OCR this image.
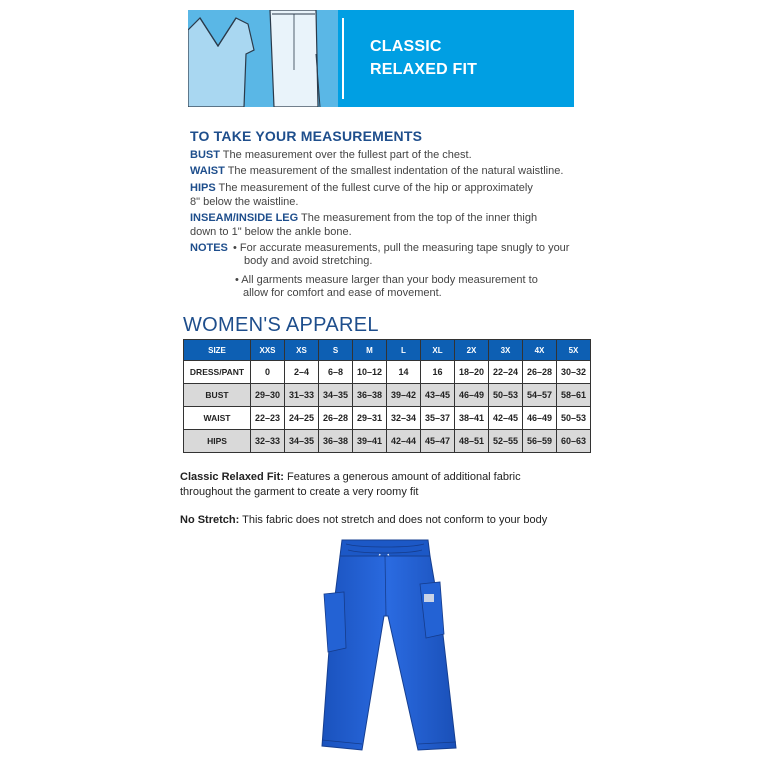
CLASSIC
RELAXED FIT
TO TAKE YOUR MEASUREMENTS
BUST The measurement over the fullest part of the chest.
WAIST The measurement of the smallest indentation of the natural waistline.
HIPS The measurement of the fullest curve of the hip or approximately
8" below the waistline.
INSEAM/INSIDE LEG The measurement from the top of the inner thigh
down to 1" below the ankle bone.
NOTES • For accurate measurements, pull the measuring tape snugly to your
body and avoid stretching.
• All garments measure larger than your body measurement to
allow for comfort and ease of movement.
WOMEN'S APPAREL
SIZE	XXS	XS	S	M	L	XL	2X	3X	4X	5X
DRESS/PANT	0	2–4	6–8	10–12	14	16	18–20	22–24	26–28	30–32
BUST	29–30	31–33	34–35	36–38	39–42	43–45	46–49	50–53	54–57	58–61
WAIST	22–23	24–25	26–28	29–31	32–34	35–37	38–41	42–45	46–49	50–53
HIPS	32–33	34–35	36–38	39–41	42–44	45–47	48–51	52–55	56–59	60–63
Classic Relaxed Fit: Features a generous amount of additional fabric
throughout the garment to create a very roomy fit
No Stretch: This fabric does not stretch and does not conform to your body
